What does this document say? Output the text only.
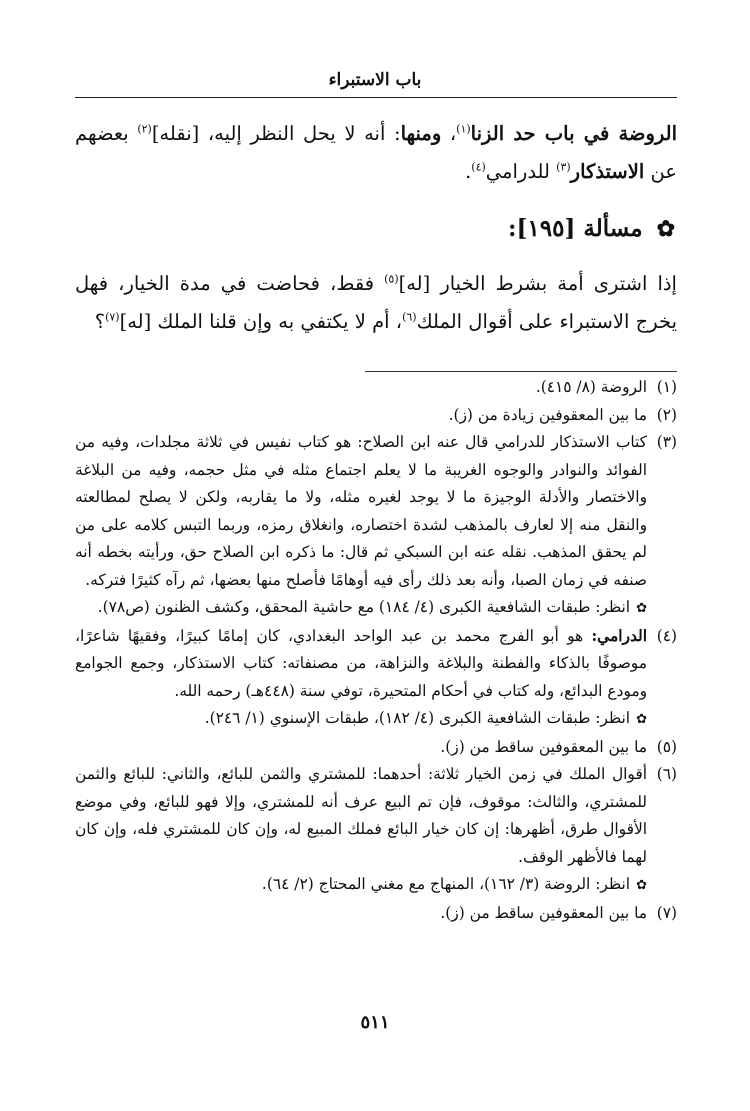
باب الاستبراء
الروضة في باب حد الزنا$^{(١)}$، ومنها: أنه لا يحل النظر إليه، [نقله]$^{(٢)}$ بعضهم عن الاستذكار$^{(٣)}$ للدرامي$^{(٤)}$.
✿
مسألة [١٩٥]:
إذا اشترى أمة بشرط الخيار [له]$^{(٥)}$ فقط، فحاضت في مدة الخيار، فهل يخرج الاستبراء على أقوال الملك$^{(٦)}$، أم لا يكتفي به وإن قلنا الملك [له]$^{(٧)}$؟
(١)
الروضة (٨/ ٤١٥).
(٢)
ما بين المعقوفين زيادة من (ز).
(٣)
كتاب الاستذكار للدرامي قال عنه ابن الصلاح: هو كتاب نفيس في ثلاثة مجلدات، وفيه من الفوائد والنوادر والوجوه الغريبة ما لا يعلم اجتماع مثله في مثل حجمه، وفيه من البلاغة والاختصار والأدلة الوجيزة ما لا يوجد لغيره مثله، ولا ما يقاربه، ولكن لا يصلح لمطالعته والنقل منه إلا لعارف بالمذهب لشدة اختصاره، وانغلاق رمزه، وربما التبس كلامه على من لم يحقق المذهب. نقله عنه ابن السبكي ثم قال: ما ذكره ابن الصلاح حق، ورأيته بخطه أنه صنفه في زمان الصبا، وأنه بعد ذلك رأى فيه أوهامًا فأصلح منها بعضها، ثم رآه كثيرًا فتركه.
✿انظر: طبقات الشافعية الكبرى (٤/ ١٨٤) مع حاشية المحقق، وكشف الظنون (ص٧٨).
(٤)
الدرامي: هو أبو الفرج محمد بن عبد الواحد البغدادي، كان إمامًا كبيرًا، وفقيهًا شاعرًا، موصوفًا بالذكاء والفطنة والبلاغة والنزاهة، من مصنفاته: كتاب الاستذكار، وجمع الجوامع ومودع البدائع، وله كتاب في أحكام المتحيرة، توفي سنة (٤٤٨هـ) رحمه الله.
✿انظر: طبقات الشافعية الكبرى (٤/ ١٨٢)، طبقات الإسنوي (١/ ٢٤٦).
(٥)
ما بين المعقوفين ساقط من (ز).
(٦)
أقوال الملك في زمن الخيار ثلاثة: أحدهما: للمشتري والثمن للبائع، والثاني: للبائع والثمن للمشتري، والثالث: موقوف، فإن تم البيع عرف أنه للمشتري، وإلا فهو للبائع، وفي موضع الأقوال طرق، أظهرها: إن كان خيار البائع فملك المبيع له، وإن كان للمشتري فله، وإن كان لهما فالأظهر الوقف.
✿انظر: الروضة (٣/ ١٦٢)، المنهاج مع مغني المحتاج (٢/ ٦٤).
(٧)
ما بين المعقوفين ساقط من (ز).
٥١١
